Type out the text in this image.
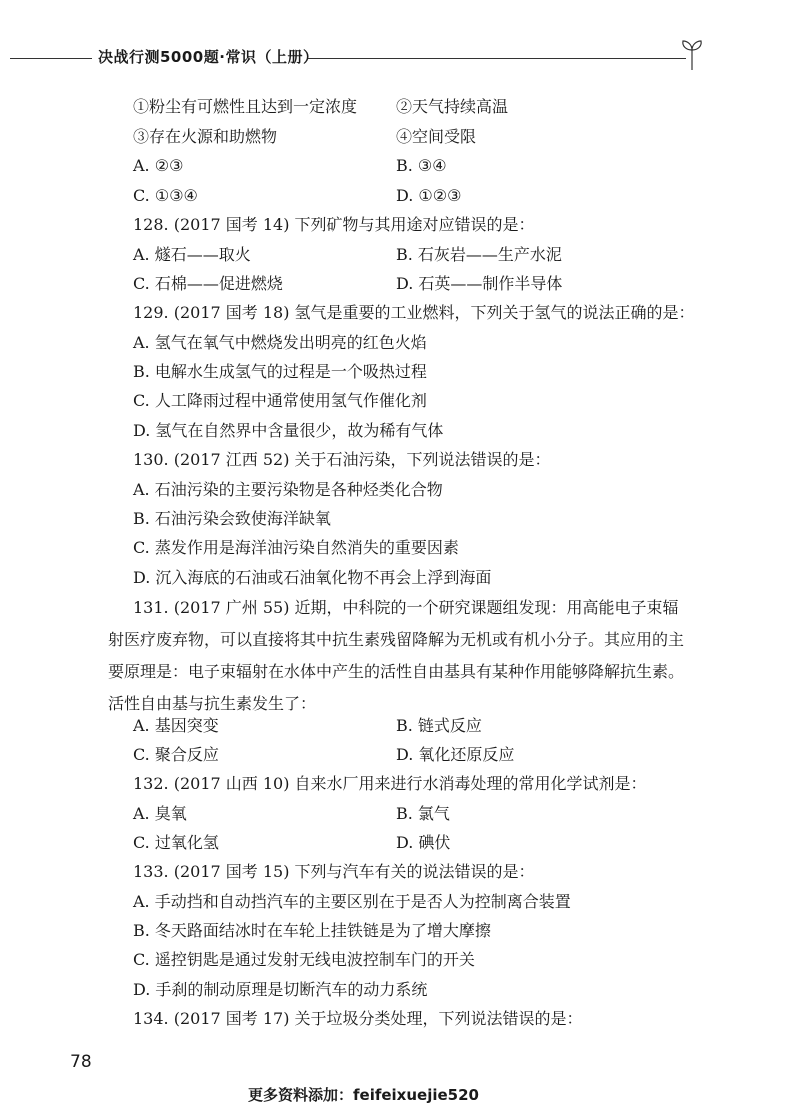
决战行测5000题·常识（上册）
①粉尘有可燃性且达到一定浓度 ②天气持续高温
③存在火源和助燃物	④空间受限
A. ②③	B. ③④
C. ①③④	D. ①②③
128. (2017 国考 14) 下列矿物与其用途对应错误的是：
A. 燧石——取火	B. 石灰岩——生产水泥
C. 石棉——促进燃烧	D. 石英——制作半导体
129. (2017 国考 18) 氢气是重要的工业燃料，下列关于氢气的说法正确的是：
A. 氢气在氧气中燃烧发出明亮的红色火焰
B. 电解水生成氢气的过程是一个吸热过程
C. 人工降雨过程中通常使用氢气作催化剂
D. 氢气在自然界中含量很少，故为稀有气体
130. (2017 江西 52) 关于石油污染，下列说法错误的是：
A. 石油污染的主要污染物是各种烃类化合物
B. 石油污染会致使海洋缺氧
C. 蒸发作用是海洋油污染自然消失的重要因素
D. 沉入海底的石油或石油氧化物不再会上浮到海面
131. (2017 广州 55) 近期，中科院的一个研究课题组发现：用高能电子束辐射医疗废弃物，可以直接将其中抗生素残留降解为无机或有机小分子。其应用的主要原理是：电子束辐射在水体中产生的活性自由基具有某种作用能够降解抗生素。活性自由基与抗生素发生了：
A. 基因突变	B. 链式反应
C. 聚合反应	D. 氧化还原反应
132. (2017 山西 10) 自来水厂用来进行水消毒处理的常用化学试剂是：
A. 臭氧	B. 氯气
C. 过氧化氢	D. 碘伏
133. (2017 国考 15) 下列与汽车有关的说法错误的是：
A. 手动挡和自动挡汽车的主要区别在于是否人为控制离合装置
B. 冬天路面结冰时在车轮上挂铁链是为了增大摩擦
C. 遥控钥匙是通过发射无线电波控制车门的开关
D. 手刹的制动原理是切断汽车的动力系统
134. (2017 国考 17) 关于垃圾分类处理，下列说法错误的是：
78
更多资料添加：feifeixuejie520
